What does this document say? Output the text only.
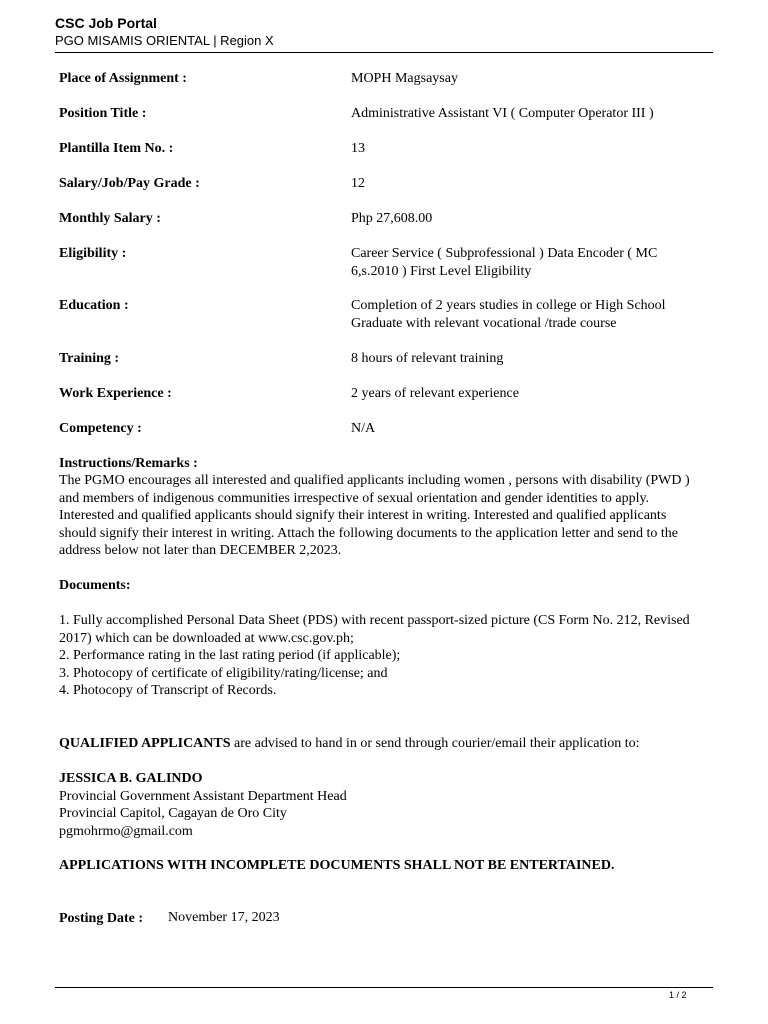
CSC Job Portal
PGO MISAMIS ORIENTAL | Region X
Place of Assignment :	MOPH Magsaysay
Position Title :	Administrative Assistant VI ( Computer Operator III )
Plantilla Item No. :	13
Salary/Job/Pay Grade :	12
Monthly Salary :	Php 27,608.00
Eligibility :	Career Service ( Subprofessional ) Data Encoder ( MC 6,s.2010 ) First Level Eligibility
Education :	Completion of 2 years studies in college or High School Graduate with relevant vocational /trade course
Training :	8 hours of relevant training
Work Experience :	2 years of relevant experience
Competency :	N/A
Instructions/Remarks :
The PGMO encourages all interested and qualified applicants including women , persons with disability (PWD ) and members of indigenous communities irrespective of sexual orientation and gender identities to apply. Interested and qualified applicants should signify their interest in writing. Interested and qualified applicants should signify their interest in writing. Attach the following documents to the application letter and send to the address below not later than DECEMBER 2,2023.
Documents:
1. Fully accomplished Personal Data Sheet (PDS) with recent passport-sized picture (CS Form No. 212, Revised 2017) which can be downloaded at www.csc.gov.ph;
2. Performance rating in the last rating period (if applicable);
3. Photocopy of certificate of eligibility/rating/license; and
4. Photocopy of Transcript of Records.
QUALIFIED APPLICANTS are advised to hand in or send through courier/email their application to:
JESSICA B. GALINDO
Provincial Government Assistant Department Head
Provincial Capitol, Cagayan de Oro City
pgmohrmo@gmail.com
APPLICATIONS WITH INCOMPLETE DOCUMENTS SHALL NOT BE ENTERTAINED.
Posting Date : November 17, 2023
1 / 2
